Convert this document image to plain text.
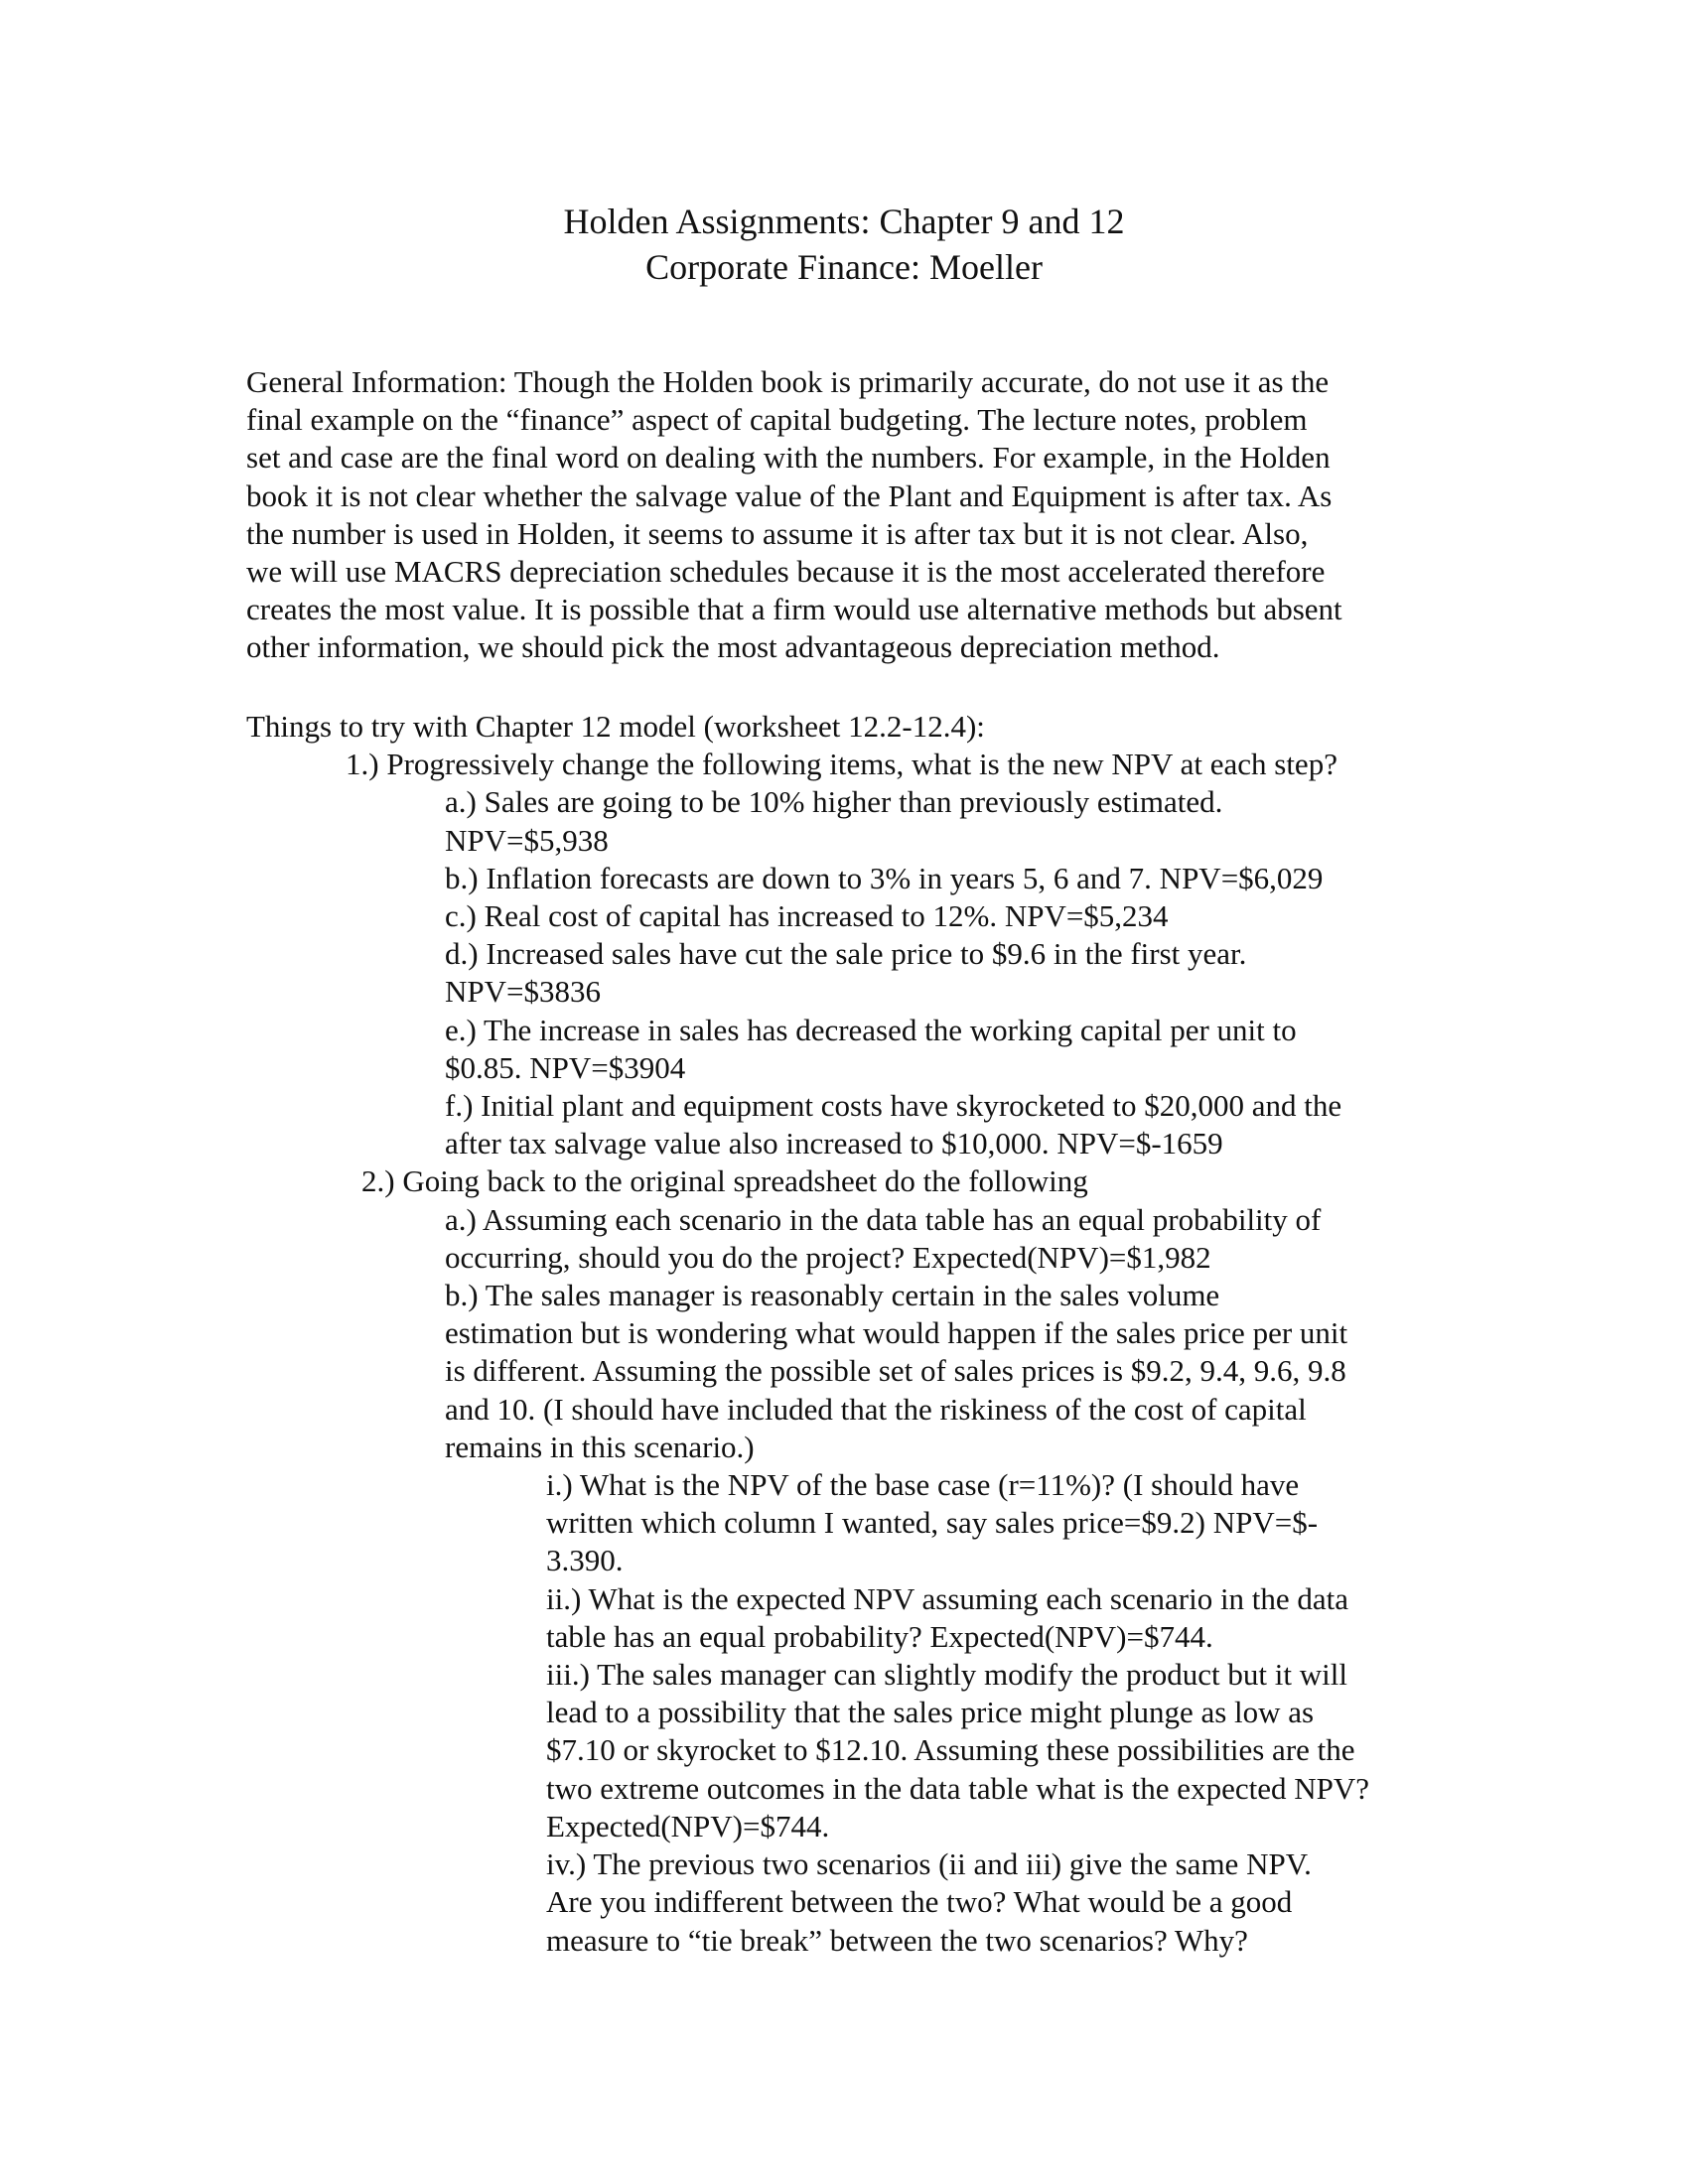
Holden Assignments: Chapter 9 and 12
Corporate Finance: Moeller
General Information: Though the Holden book is primarily accurate, do not use it as the
final example on the “finance” aspect of capital budgeting. The lecture notes, problem
set and case are the final word on dealing with the numbers. For example, in the Holden
book it is not clear whether the salvage value of the Plant and Equipment is after tax. As
the number is used in Holden, it seems to assume it is after tax but it is not clear. Also,
we will use MACRS depreciation schedules because it is the most accelerated therefore
creates the most value. It is possible that a firm would use alternative methods but absent
other information, we should pick the most advantageous depreciation method.
Things to try with Chapter 12 model (worksheet 12.2-12.4):
1.) Progressively change the following items, what is the new NPV at each step?
a.) Sales are going to be 10% higher than previously estimated.
NPV=$5,938
b.) Inflation forecasts are down to 3% in years 5, 6 and 7. NPV=$6,029
c.) Real cost of capital has increased to 12%. NPV=$5,234
d.) Increased sales have cut the sale price to $9.6 in the first year.
NPV=$3836
e.) The increase in sales has decreased the working capital per unit to
$0.85. NPV=$3904
f.) Initial plant and equipment costs have skyrocketed to $20,000 and the
after tax salvage value also increased to $10,000. NPV=$-1659
2.) Going back to the original spreadsheet do the following
a.) Assuming each scenario in the data table has an equal probability of
occurring, should you do the project? Expected(NPV)=$1,982
b.) The sales manager is reasonably certain in the sales volume
estimation but is wondering what would happen if the sales price per unit
is different. Assuming the possible set of sales prices is $9.2, 9.4, 9.6, 9.8
and 10. (I should have included that the riskiness of the cost of capital
remains in this scenario.)
i.) What is the NPV of the base case (r=11%)? (I should have
written which column I wanted, say sales price=$9.2) NPV=$-
3.390.
ii.) What is the expected NPV assuming each scenario in the data
table has an equal probability? Expected(NPV)=$744.
iii.) The sales manager can slightly modify the product but it will
lead to a possibility that the sales price might plunge as low as
$7.10 or skyrocket to $12.10. Assuming these possibilities are the
two extreme outcomes in the data table what is the expected NPV?
Expected(NPV)=$744.
iv.) The previous two scenarios (ii and iii) give the same NPV.
Are you indifferent between the two? What would be a good
measure to “tie break” between the two scenarios? Why?
